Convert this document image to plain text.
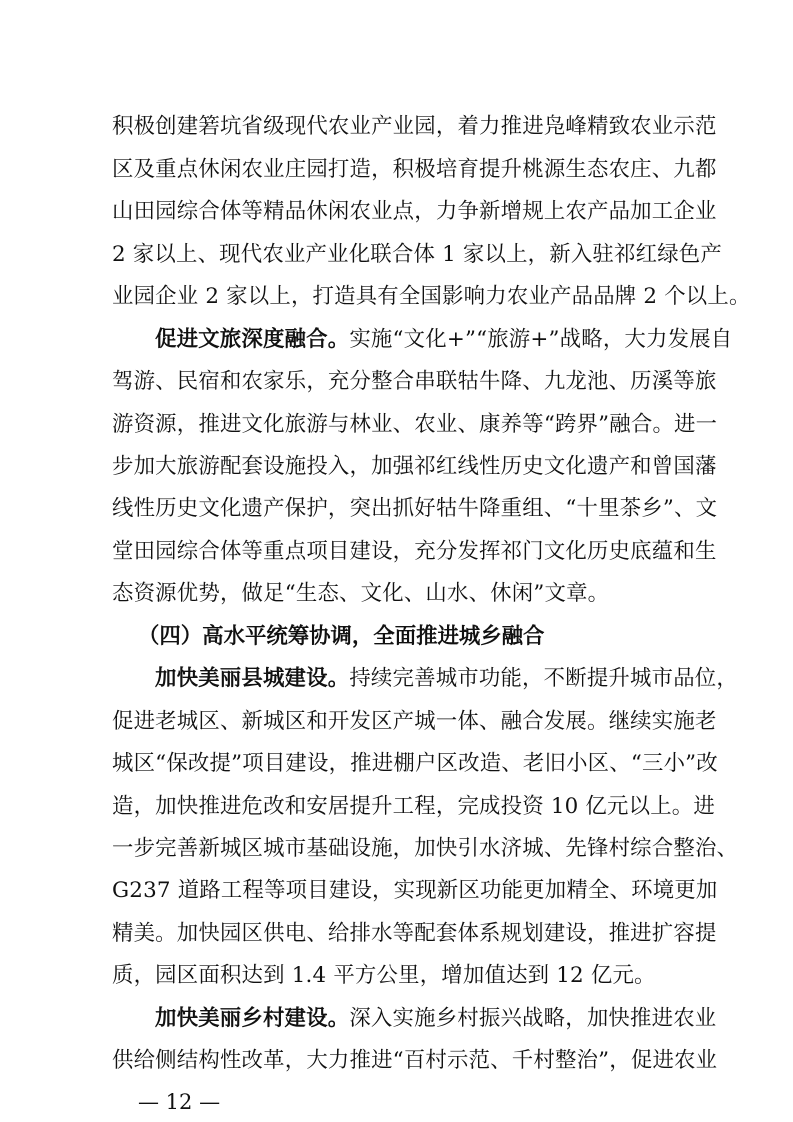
积极创建箬坑省级现代农业产业园，着力推进凫峰精致农业示范
区及重点休闲农业庄园打造，积极培育提升桃源生态农庄、九都
山田园综合体等精品休闲农业点，力争新增规上农产品加工企业
2 家以上、现代农业产业化联合体 1 家以上，新入驻祁红绿色产
业园企业 2 家以上，打造具有全国影响力农业产品品牌 2 个以上。
促进文旅深度融合。实施“文化+”“旅游+”战略，大力发展自
驾游、民宿和农家乐，充分整合串联牯牛降、九龙池、历溪等旅
游资源，推进文化旅游与林业、农业、康养等“跨界”融合。进一
步加大旅游配套设施投入，加强祁红线性历史文化遗产和曾国藩
线性历史文化遗产保护，突出抓好牯牛降重组、“十里茶乡”、文
堂田园综合体等重点项目建设，充分发挥祁门文化历史底蕴和生
态资源优势，做足“生态、文化、山水、休闲”文章。
（四）高水平统筹协调，全面推进城乡融合
加快美丽县城建设。持续完善城市功能，不断提升城市品位，
促进老城区、新城区和开发区产城一体、融合发展。继续实施老
城区“保改提”项目建设，推进棚户区改造、老旧小区、“三小”改
造，加快推进危改和安居提升工程，完成投资 10 亿元以上。进
一步完善新城区城市基础设施，加快引水济城、先锋村综合整治、
G237 道路工程等项目建设，实现新区功能更加精全、环境更加
精美。加快园区供电、给排水等配套体系规划建设，推进扩容提
质，园区面积达到 1.4 平方公里，增加值达到 12 亿元。
加快美丽乡村建设。深入实施乡村振兴战略，加快推进农业
供给侧结构性改革，大力推进“百村示范、千村整治”，促进农业
— 12 —
